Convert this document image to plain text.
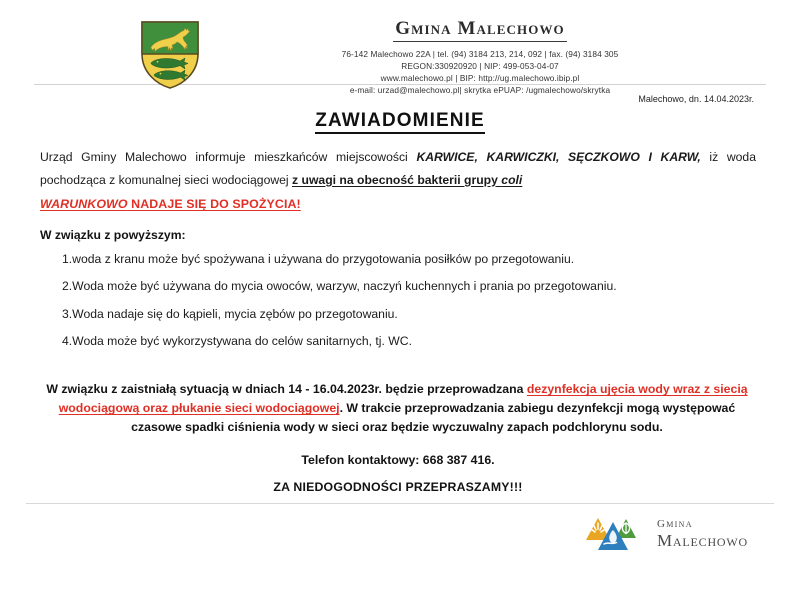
Gmina Malechowo
76-142 Malechowo 22A | tel. (94) 3184 213, 214, 092 | fax. (94) 3184 305
REGON:330920920 | NIP: 499-053-04-07
www.malechowo.pl | BIP: http://ug.malechowo.ibip.pl
e-mail: urzad@malechowo.pl| skrytka ePUAP: /ugmalechowo/skrytka
Malechowo, dn. 14.04.2023r.
ZAWIADOMIENIE

Urząd Gminy Malechowo informuje mieszkańców miejscowości KARWICE, KARWICZKI, SĘCZKOWO I KARW, iż woda pochodząca z komunalnej sieci wodociągowej z uwagi na obecność bakterii grupy coli
WARUNKOWO NADAJE SIĘ DO SPOŻYCIA!

W związku z powyższym:

1.woda z kranu może być spożywana i używana do przygotowania posiłków po przegotowaniu.
2.Woda może być używana do mycia owoców, warzyw, naczyń kuchennych i prania po przegotowaniu.
3.Woda nadaje się do kąpieli, mycia zębów po przegotowaniu.
4.Woda może być wykorzystywana do celów sanitarnych, tj. WC.

W związku z zaistniałą sytuacją w dniach 14 - 16.04.2023r. będzie przeprowadzana dezynfekcja ujęcia wody wraz z siecią wodociągową oraz płukanie sieci wodociągowej. W trakcie przeprowadzania zabiegu dezynfekcji mogą występować czasowe spadki ciśnienia wody w sieci oraz będzie wyczuwalny zapach podchlorynu sodu.

Telefon kontaktowy: 668 387 416.

ZA NIEDOGODNOŚCI PRZEPRASZAMY!!!

Gmina
Malechowo
